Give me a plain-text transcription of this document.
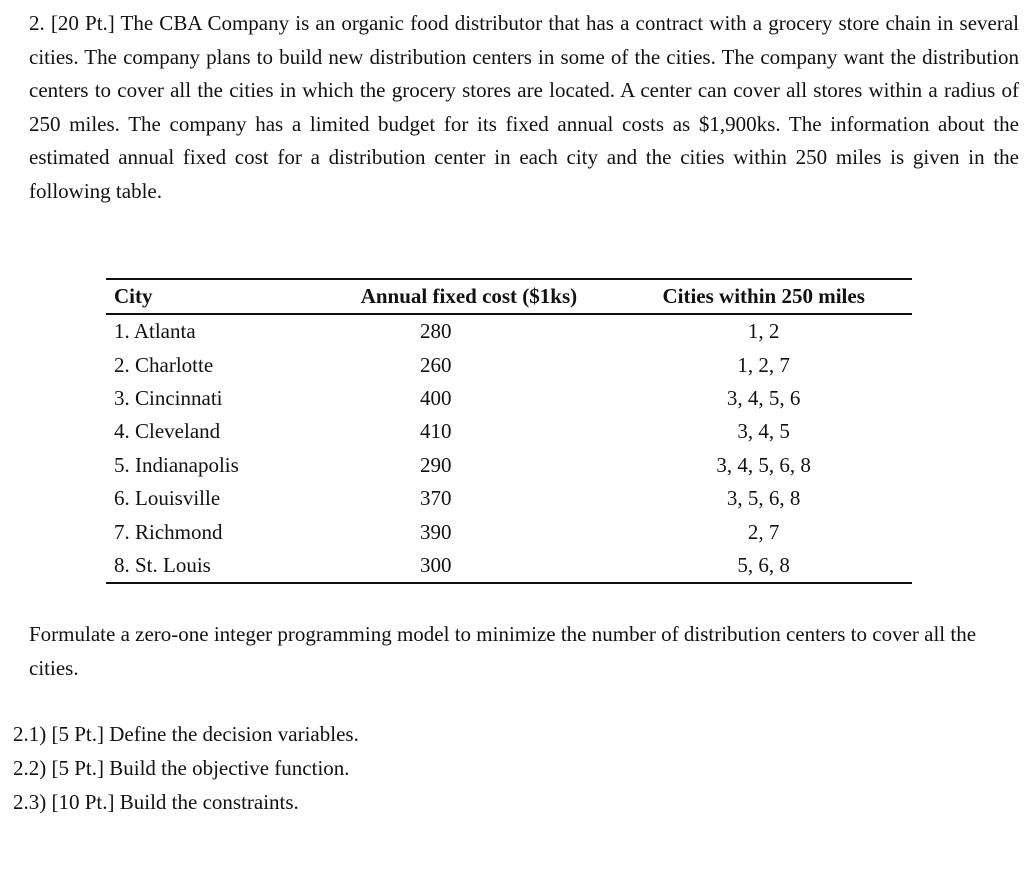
2. [20 Pt.] The CBA Company is an organic food distributor that has a contract with a grocery store chain in several cities. The company plans to build new distribution centers in some of the cities. The company want the distribution centers to cover all the cities in which the grocery stores are located. A center can cover all stores within a radius of 250 miles. The company has a limited budget for its fixed annual costs as $1,900ks. The information about the estimated annual fixed cost for a distribution center in each city and the cities within 250 miles is given in the following table.

City	Annual fixed cost ($1ks)	Cities within 250 miles
1. Atlanta	280	1, 2
2. Charlotte	260	1, 2, 7
3. Cincinnati	400	3, 4, 5, 6
4. Cleveland	410	3, 4, 5
5. Indianapolis	290	3, 4, 5, 6, 8
6. Louisville	370	3, 5, 6, 8
7. Richmond	390	2, 7
8. St. Louis	300	5, 6, 8

Formulate a zero-one integer programming model to minimize the number of distribution centers to cover all the cities.

2.1) [5 Pt.] Define the decision variables.
2.2) [5 Pt.] Build the objective function.
2.3) [10 Pt.] Build the constraints.
